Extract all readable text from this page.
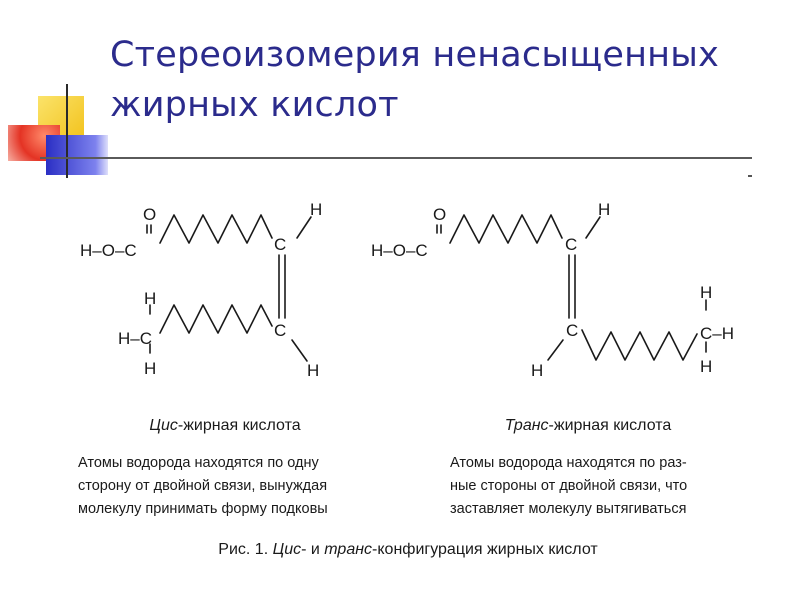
Стереоизомерия ненасыщенных
жирных кислот
O
H–O–C	C
H
H
H–C
H
C
H
O
H–O–C	C
H
C
H
H
C–H
H
Цис-жирная кислота	Транс-жирная кислота
Атомы водорода находятся по одну
сторону от двойной связи, вынуждая
молекулу принимать форму подковы
Атомы водорода находятся по раз-
ные стороны от двойной связи, что
заставляет молекулу вытягиваться
Рис. 1. Цис- и транс-конфигурация жирных кислот
